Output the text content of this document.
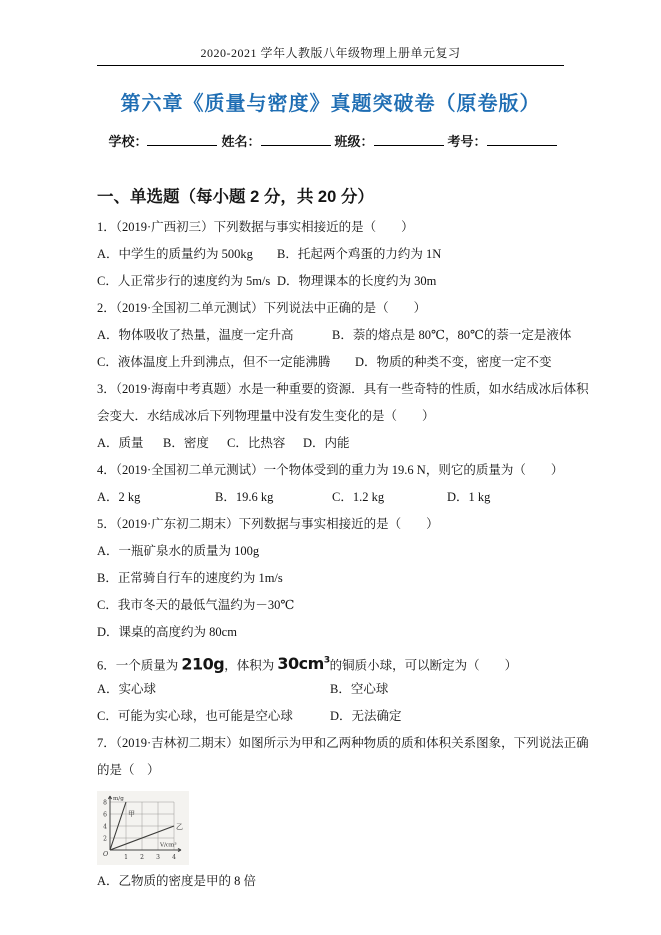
2020-2021 学年人教版八年级物理上册单元复习
第六章《质量与密度》真题突破卷（原卷版）
学校：	姓名：	班级：	考号：
一、单选题（每小题 2 分，共 20 分）
1．（2019·广西初三）下列数据与事实相接近的是（　　）
A．中学生的质量约为 500kg B．托起两个鸡蛋的力约为 1N
C．人正常步行的速度约为 5m/s D．物理课本的长度约为 30m
2．（2019·全国初二单元测试）下列说法中正确的是（　　）
A．物体吸收了热量，温度一定升高	B．萘的熔点是 80℃，80℃的萘一定是液体
C．液体温度上升到沸点，但不一定能沸腾 D．物质的种类不变，密度一定不变
3．（2019·海南中考真题）水是一种重要的资源．具有一些奇特的性质，如水结成冰后体积
会变大．水结成冰后下列物理量中没有发生变化的是（　　）
A．质量 B．密度 C．比热容 D．内能
4．（2019·全国初二单元测试）一个物体受到的重力为 19.6 N，则它的质量为（　　）
A．2 kg	B．19.6 kg	C．1.2 kg	D．1 kg
5．（2019·广东初二期末）下列数据与事实相接近的是（　　）
A．一瓶矿泉水的质量为 100g
B．正常骑自行车的速度约为 1m/s
C．我市冬天的最低气温约为－30℃
D．课桌的高度约为 80cm
6．一个质量为 210g，体积为 $30cm^3$的铜质小球，可以断定为（　　）
A．实心球	B．空心球
C．可能为实心球，也可能是空心球	D．无法确定
7．（2019·吉林初二期末）如图所示为甲和乙两种物质的质和体积关系图象，下列说法正确
的是（　）
2
4
6
8
1 2 3 4
m/g
V/cm³
O
甲
乙
A．乙物质的密度是甲的 8 倍
